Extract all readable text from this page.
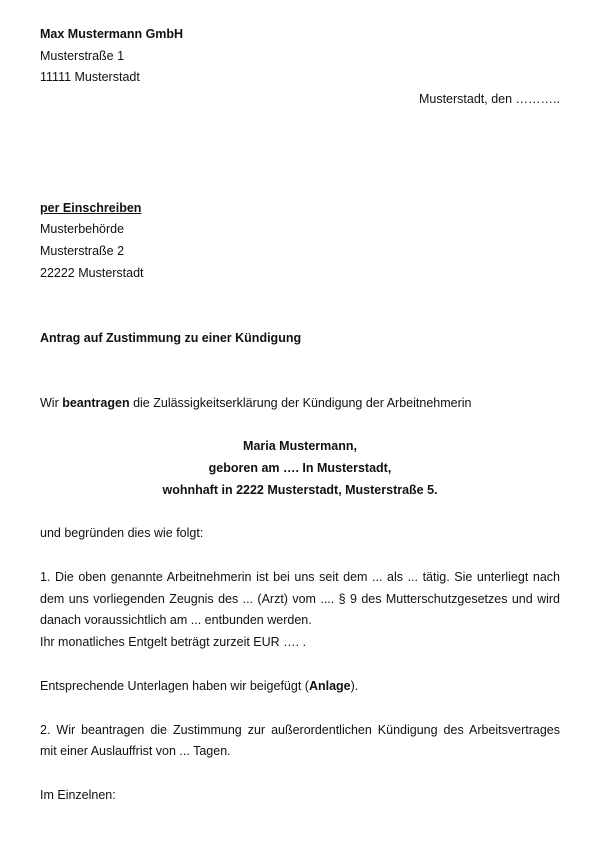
Max Mustermann GmbH
Musterstraße 1
11111 Musterstadt
Musterstadt, den ………..
per Einschreiben
Musterbehörde
Musterstraße 2
22222 Musterstadt
Antrag auf Zustimmung zu einer Kündigung
Wir beantragen die Zulässigkeitserklärung der Kündigung der Arbeitnehmerin
Maria Mustermann,
geboren am …. In Musterstadt,
wohnhaft in 2222 Musterstadt, Musterstraße 5.
und begründen dies wie folgt:
1. Die oben genannte Arbeitnehmerin ist bei uns seit dem ... als ... tätig. Sie unterliegt nach
dem uns vorliegenden Zeugnis des ... (Arzt) vom .... § 9 des Mutterschutzgesetzes und wird
danach voraussichtlich am ... entbunden werden.
Ihr monatliches Entgelt beträgt zurzeit EUR …. .
Entsprechende Unterlagen haben wir beigefügt (Anlage).
2. Wir beantragen die Zustimmung zur außerordentlichen Kündigung des Arbeitsvertrages
mit einer Auslauffrist von ... Tagen.
Im Einzelnen:
